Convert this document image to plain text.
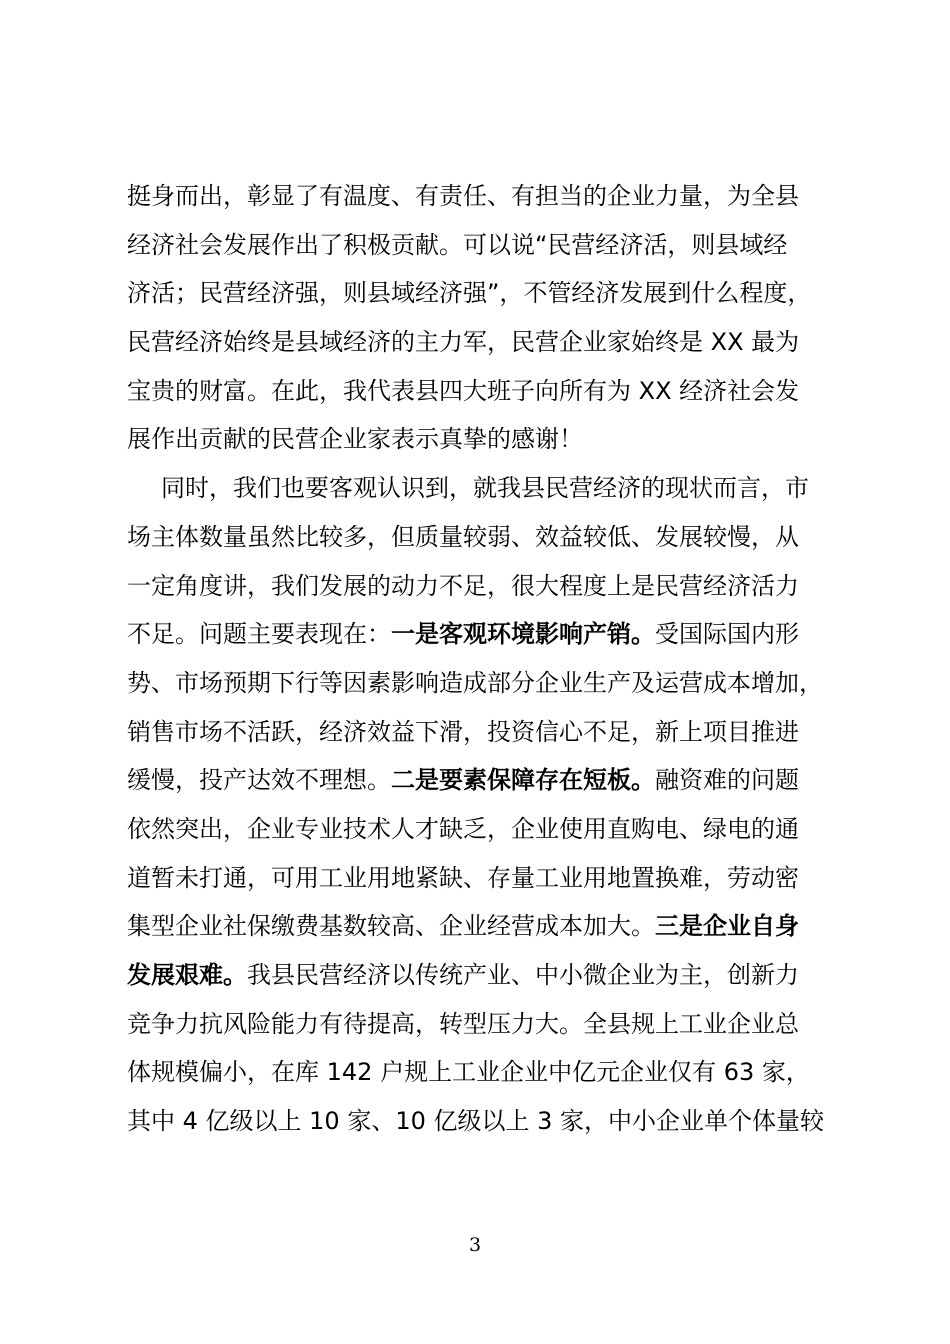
挺身而出，彰显了有温度、有责任、有担当的企业力量，为全县
经济社会发展作出了积极贡献。可以说“民营经济活，则县域经
济活；民营经济强，则县域经济强”，不管经济发展到什么程度，
民营经济始终是县域经济的主力军，民营企业家始终是 XX 最为
宝贵的财富。在此，我代表县四大班子向所有为 XX 经济社会发
展作出贡献的民营企业家表示真挚的感谢！
同时，我们也要客观认识到，就我县民营经济的现状而言，市
场主体数量虽然比较多，但质量较弱、效益较低、发展较慢，从
一定角度讲，我们发展的动力不足，很大程度上是民营经济活力
不足。问题主要表现在：一是客观环境影响产销。受国际国内形
势、市场预期下行等因素影响造成部分企业生产及运营成本增加，
销售市场不活跃，经济效益下滑，投资信心不足，新上项目推进
缓慢，投产达效不理想。二是要素保障存在短板。融资难的问题
依然突出，企业专业技术人才缺乏，企业使用直购电、绿电的通
道暂未打通，可用工业用地紧缺、存量工业用地置换难，劳动密
集型企业社保缴费基数较高、企业经营成本加大。三是企业自身
发展艰难。我县民营经济以传统产业、中小微企业为主，创新力
竞争力抗风险能力有待提高，转型压力大。全县规上工业企业总
体规模偏小，在库 142 户规上工业企业中亿元企业仅有 63 家，
其中 4 亿级以上 10 家、10 亿级以上 3 家，中小企业单个体量较
3
